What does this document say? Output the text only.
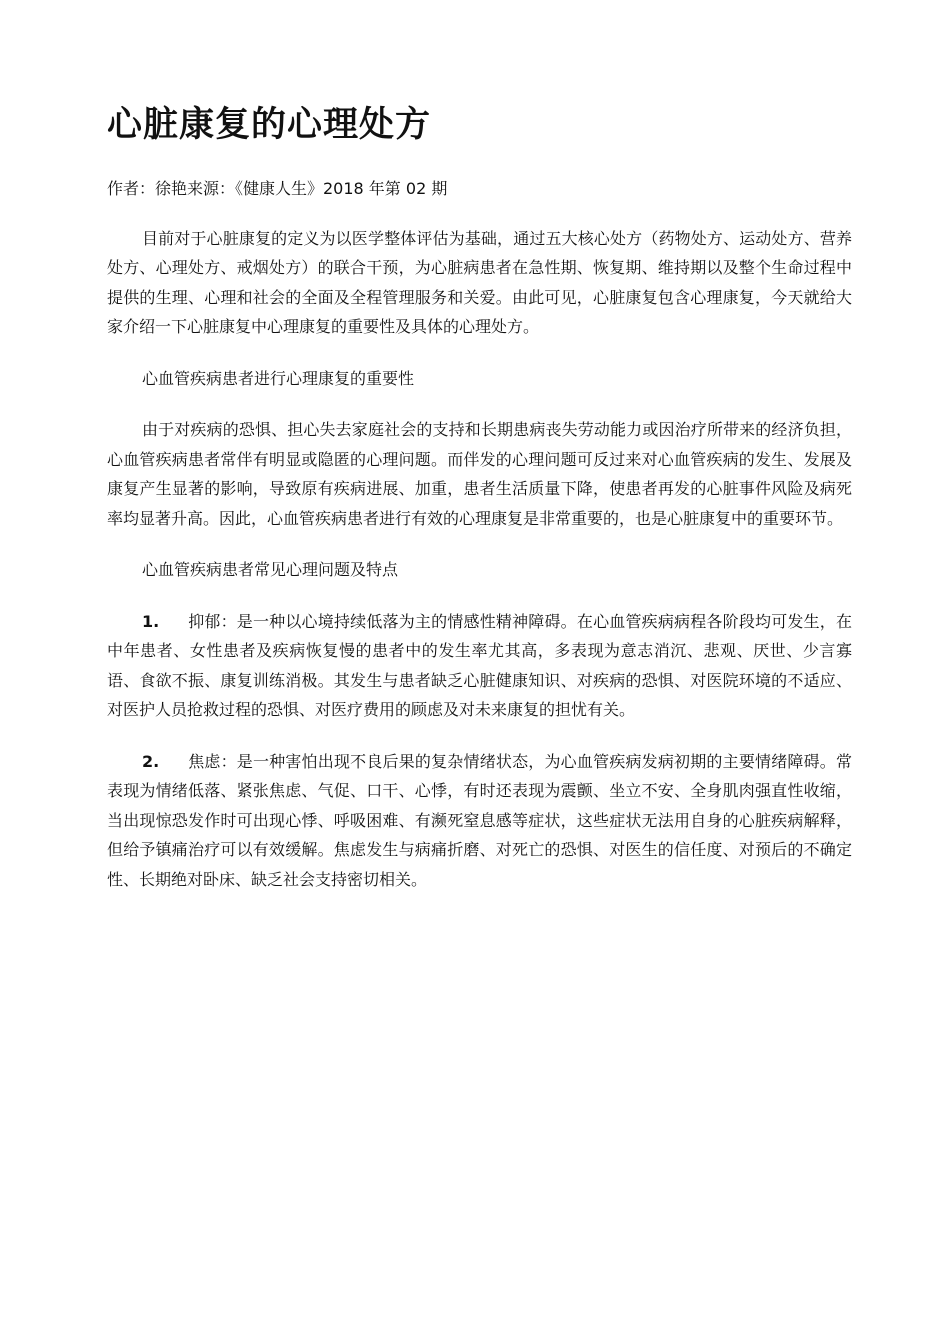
心脏康复的心理处方
作者：徐艳来源：《健康人生》2018 年第 02 期

目前对于心脏康复的定义为以医学整体评估为基础，通过五大核心处方（药物处方、运动处方、营养处方、心理处方、戒烟处方）的联合干预，为心脏病患者在急性期、恢复期、维持期以及整个生命过程中提供的生理、心理和社会的全面及全程管理服务和关爱。由此可见，心脏康复包含心理康复，今天就给大家介绍一下心脏康复中心理康复的重要性及具体的心理处方。

心血管疾病患者进行心理康复的重要性

由于对疾病的恐惧、担心失去家庭社会的支持和长期患病丧失劳动能力或因治疗所带来的经济负担，心血管疾病患者常伴有明显或隐匿的心理问题。而伴发的心理问题可反过来对心血管疾病的发生、发展及康复产生显著的影响，导致原有疾病进展、加重，患者生活质量下降，使患者再发的心脏事件风险及病死率均显著升高。因此，心血管疾病患者进行有效的心理康复是非常重要的，也是心脏康复中的重要环节。

心血管疾病患者常见心理问题及特点

1. 抑郁：是一种以心境持续低落为主的情感性精神障碍。在心血管疾病病程各阶段均可发生，在中年患者、女性患者及疾病恢复慢的患者中的发生率尤其高，多表现为意志消沉、悲观、厌世、少言寡语、食欲不振、康复训练消极。其发生与患者缺乏心脏健康知识、对疾病的恐惧、对医院环境的不适应、对医护人员抢救过程的恐惧、对医疗费用的顾虑及对未来康复的担忧有关。

2. 焦虑：是一种害怕出现不良后果的复杂情绪状态，为心血管疾病发病初期的主要情绪障碍。常表现为情绪低落、紧张焦虑、气促、口干、心悸，有时还表现为震颤、坐立不安、全身肌肉强直性收缩，当出现惊恐发作时可出现心悸、呼吸困难、有濒死窒息感等症状，这些症状无法用自身的心脏疾病解释，但给予镇痛治疗可以有效缓解。焦虑发生与病痛折磨、对死亡的恐惧、对医生的信任度、对预后的不确定性、长期绝对卧床、缺乏社会支持密切相关。
